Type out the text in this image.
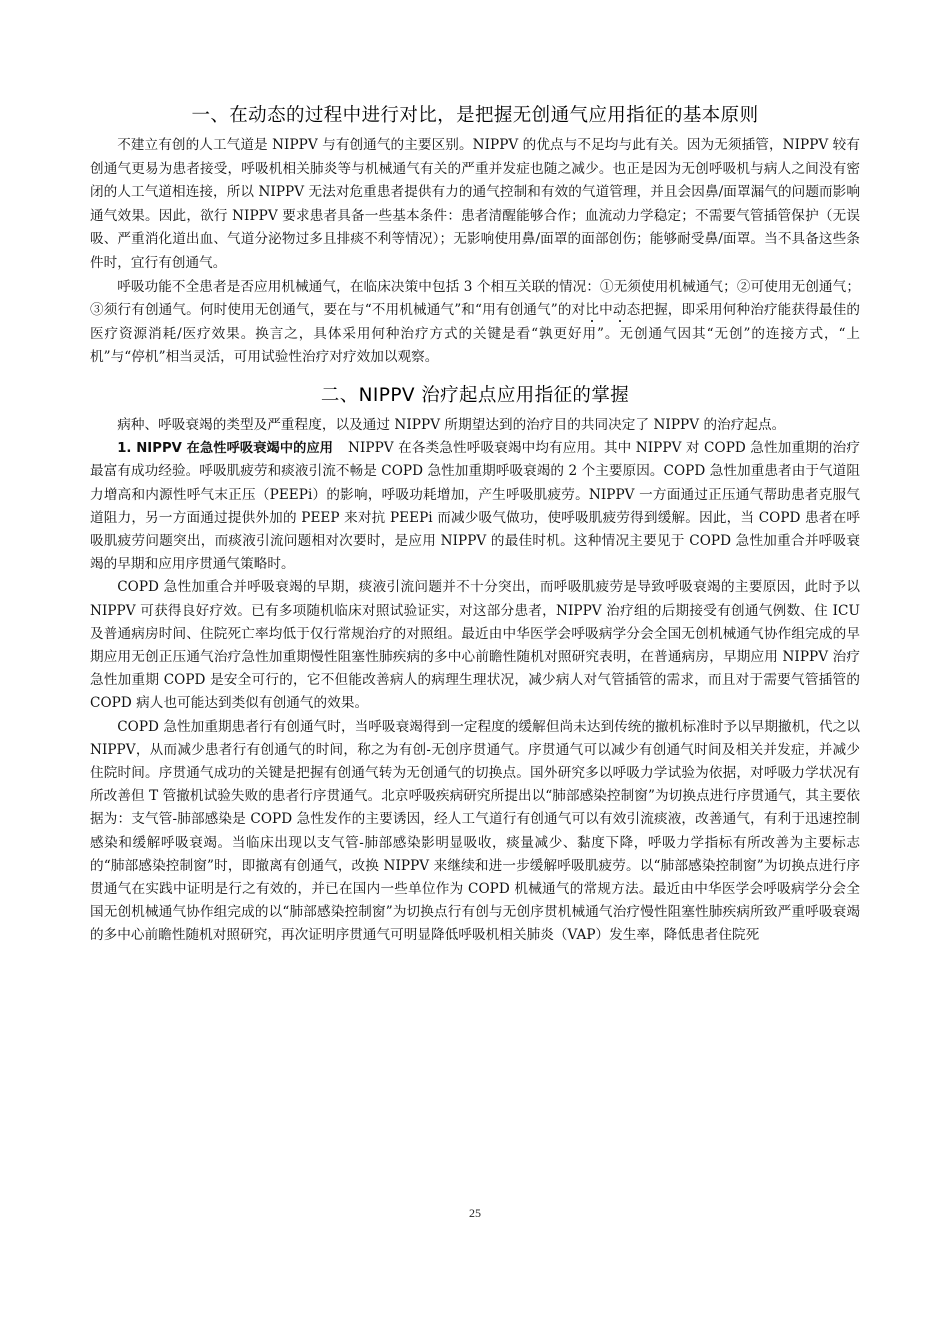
一、在动态的过程中进行对比，是把握无创通气应用指征的基本原则

不建立有创的人工气道是 NIPPV 与有创通气的主要区别。NIPPV 的优点与不足均与此有关。因为无须插管，NIPPV 较有创通气更易为患者接受，呼吸机相关肺炎等与机械通气有关的严重并发症也随之减少。也正是因为无创呼吸机与病人之间没有密闭的人工气道相连接，所以 NIPPV 无法对危重患者提供有力的通气控制和有效的气道管理，并且会因鼻/面罩漏气的问题而影响通气效果。因此，欲行 NIPPV 要求患者具备一些基本条件：患者清醒能够合作；血流动力学稳定；不需要气管插管保护（无误吸、严重消化道出血、气道分泌物过多且排痰不利等情况）；无影响使用鼻/面罩的面部创伤；能够耐受鼻/面罩。当不具备这些条件时，宜行有创通气。

呼吸功能不全患者是否应用机械通气，在临床决策中包括 3 个相互关联的情况：①无须使用机械通气；②可使用无创通气；③须行有创通气。何时使用无创通气，要在与“不用机械通气”和“用有创通气”的对比中动态把握，即采用何种治疗能获得最佳的医疗资源消耗/医疗效果。换言之，具体采用何种治疗方式的关键是看“孰更好用”。无创通气因其“无创”的连接方式，“上机”与“停机”相当灵活，可用试验性治疗对疗效加以观察。

二、NIPPV 治疗起点应用指征的掌握

病种、呼吸衰竭的类型及严重程度，以及通过 NIPPV 所期望达到的治疗目的共同决定了 NIPPV 的治疗起点。

1. NIPPV 在急性呼吸衰竭中的应用 NIPPV 在各类急性呼吸衰竭中均有应用。其中 NIPPV 对 COPD 急性加重期的治疗最富有成功经验。呼吸肌疲劳和痰液引流不畅是 COPD 急性加重期呼吸衰竭的 2 个主要原因。COPD 急性加重患者由于气道阻力增高和内源性呼气末正压（PEEPi）的影响，呼吸功耗增加，产生呼吸肌疲劳。NIPPV 一方面通过正压通气帮助患者克服气道阻力，另一方面通过提供外加的 PEEP 来对抗 PEEPi 而减少吸气做功，使呼吸肌疲劳得到缓解。因此，当 COPD 患者在呼吸肌疲劳问题突出，而痰液引流问题相对次要时，是应用 NIPPV 的最佳时机。这种情况主要见于 COPD 急性加重合并呼吸衰竭的早期和应用序贯通气策略时。

COPD 急性加重合并呼吸衰竭的早期，痰液引流问题并不十分突出，而呼吸肌疲劳是导致呼吸衰竭的主要原因，此时予以 NIPPV 可获得良好疗效。已有多项随机临床对照试验证实，对这部分患者，NIPPV 治疗组的后期接受有创通气例数、住 ICU 及普通病房时间、住院死亡率均低于仅行常规治疗的对照组。最近由中华医学会呼吸病学分会全国无创机械通气协作组完成的早期应用无创正压通气治疗急性加重期慢性阻塞性肺疾病的多中心前瞻性随机对照研究表明，在普通病房，早期应用 NIPPV 治疗急性加重期 COPD 是安全可行的，它不但能改善病人的病理生理状况，减少病人对气管插管的需求，而且对于需要气管插管的 COPD 病人也可能达到类似有创通气的效果。

COPD 急性加重期患者行有创通气时，当呼吸衰竭得到一定程度的缓解但尚未达到传统的撤机标准时予以早期撤机，代之以 NIPPV，从而减少患者行有创通气的时间，称之为有创-无创序贯通气。序贯通气可以减少有创通气时间及相关并发症，并减少住院时间。序贯通气成功的关键是把握有创通气转为无创通气的切换点。国外研究多以呼吸力学试验为依据，对呼吸力学状况有所改善但 T 管撤机试验失败的患者行序贯通气。北京呼吸疾病研究所提出以“肺部感染控制窗”为切换点进行序贯通气，其主要依据为：支气管-肺部感染是 COPD 急性发作的主要诱因，经人工气道行有创通气可以有效引流痰液，改善通气，有利于迅速控制感染和缓解呼吸衰竭。当临床出现以支气管-肺部感染影明显吸收，痰量减少、黏度下降，呼吸力学指标有所改善为主要标志的“肺部感染控制窗”时，即撤离有创通气，改换 NIPPV 来继续和进一步缓解呼吸肌疲劳。以“肺部感染控制窗”为切换点进行序贯通气在实践中证明是行之有效的，并已在国内一些单位作为 COPD 机械通气的常规方法。最近由中华医学会呼吸病学分会全国无创机械通气协作组完成的以“肺部感染控制窗”为切换点行有创与无创序贯机械通气治疗慢性阻塞性肺疾病所致严重呼吸衰竭的多中心前瞻性随机对照研究，再次证明序贯通气可明显降低呼吸机相关肺炎（VAP）发生率，降低患者住院死

25
